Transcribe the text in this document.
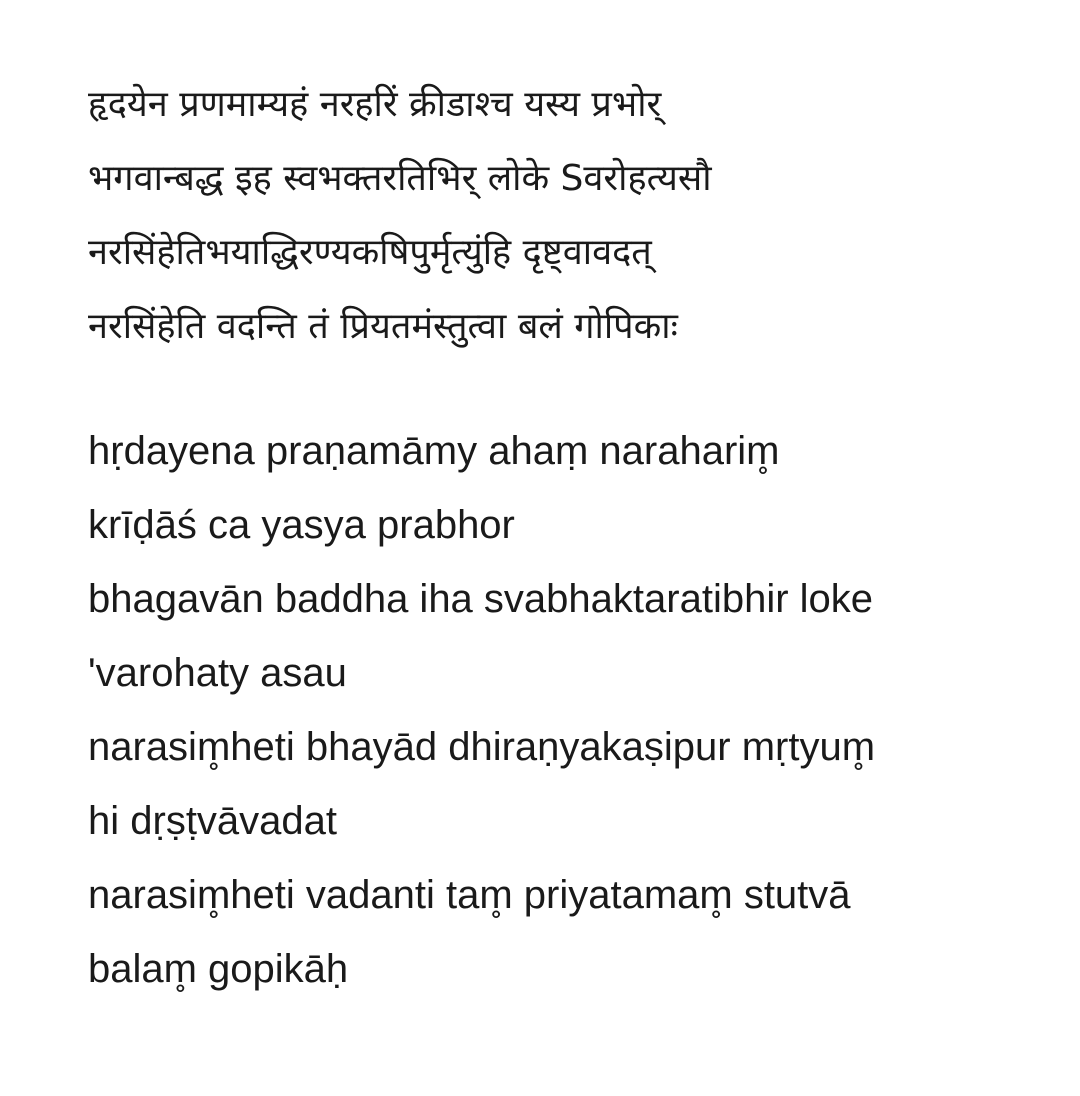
हृदयेन प्रणमाम्यहं नरहरिं क्रीडाश्च यस्य प्रभोर्
भगवान्बद्ध इह स्वभक्तरतिभिर् लोके Sवरोहत्यसौ
नरसिंहेतिभयाद्धिरण्यकषिपुर्मृत्युंहि दृष्ट्वावदत्
नरसिंहेति वदन्ति तं प्रियतमंस्तुत्वा बलं गोपिकाः
hṛdayena praṇamāmy ahaṃ naraharim̥
krīḍāś ca yasya prabhor
bhagavān baddha iha svabhaktaratibhir loke
'varohaty asau
narasim̥heti bhayād dhiraṇyakaṣipur mṛtyum̥
hi dṛṣṭvāvadat
narasim̥heti vadanti tam̥ priyatamam̥ stutvā
balam̥ gopikāḥ
